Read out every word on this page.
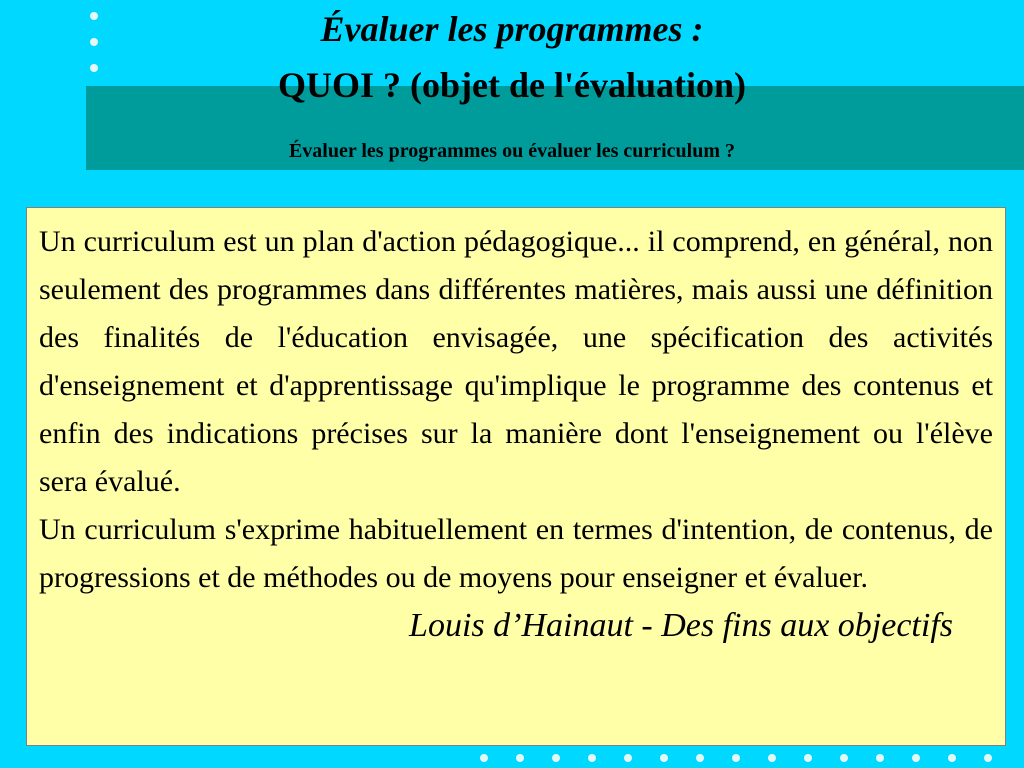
Évaluer les programmes :
QUOI ? (objet de l'évaluation)
Évaluer les programmes ou évaluer les curriculum ?

Un curriculum est un plan d'action pédagogique... il comprend, en général, non seulement des programmes dans différentes matières, mais aussi une définition des finalités de l'éducation envisagée, une spécification des activités d'enseignement et d'apprentissage qu'implique le programme des contenus et enfin des indications précises sur la manière dont l'enseignement ou l'élève sera évalué.

Un curriculum s'exprime habituellement en termes d'intention, de contenus, de progressions et de méthodes ou de moyens pour enseigner et évaluer.

Louis d’Hainaut - Des fins aux objectifs
